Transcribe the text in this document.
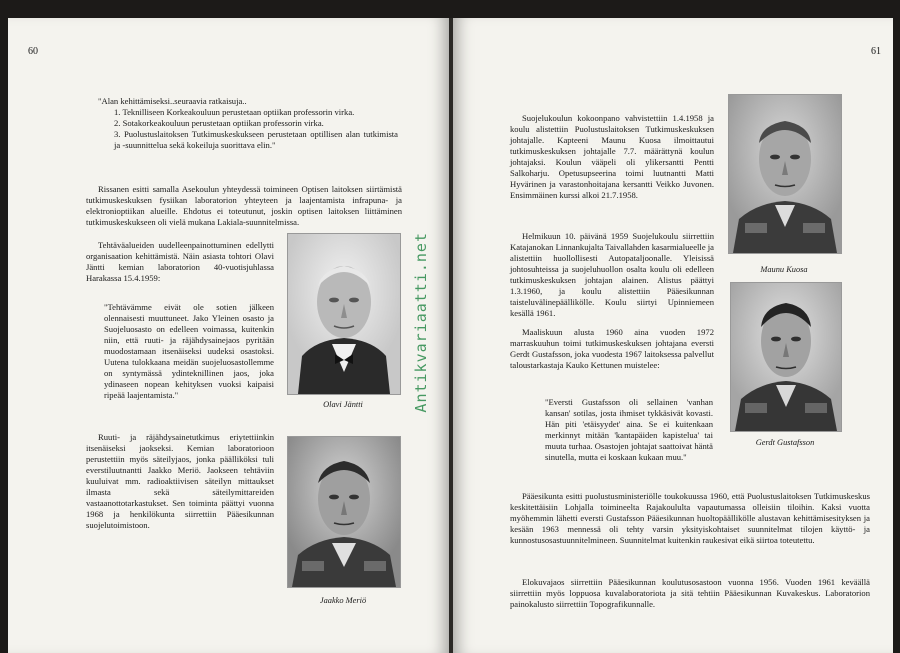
60
"Alan kehittämiseksi..seuraavia ratkaisuja..
1. Teknilliseen Korkeakouluun perustetaan optiikan professorin virka.
2. Sotakorkeakouluun perustetaan optiikan professorin virka.
3. Puolustuslaitoksen Tutkimuskeskukseen perustetaan optillisen alan tutkimista ja -suunnittelua sekä kokeiluja suorittava elin."

Rissanen esitti samalla Asekoulun yhteydessä toimineen Optisen laitoksen siirtämistä tutkimuskeskuksen fysiikan laboratorion yhteyteen ja laajentamista infrapuna- ja elektronioptiikan alueille. Ehdotus ei toteutunut, joskin optisen laitoksen liittäminen tutkimuskeskukseen oli vielä mukana Lakiala-suunnitelmissa.

Tehtäväalueiden uudelleenpainottuminen edellytti organisaation kehittämistä. Näin asiasta tohtori Olavi Jäntti kemian laboratorion 40-vuotisjuhlassa Harakassa 15.4.1959:

"Tehtävämme eivät ole sotien jälkeen olennaisesti muuttuneet. Jako Yleinen osasto ja Suojeluosasto on edelleen voimassa, kuitenkin niin, että ruuti- ja räjähdysainejaos pyritään muodostamaan itsenäiseksi uudeksi osastoksi. Uutena tulokkaana meidän suojeluosastollemme on syntymässä ydinteknillinen jaos, joka ydinaseen nopean kehityksen vuoksi kaipaisi ripeää laajentamista."

Ruuti- ja räjähdysainetutkimus eriytettiinkin itsenäiseksi jaokseksi. Kemian laboratorioon perustettiin myös säteilyjaos, jonka päälliköksi tuli everstiluutnantti Jaakko Meriö. Jaokseen tehtäviin kuuluivat mm. radioaktiivisen säteilyn mittaukset ilmasta sekä säteilymittareiden vastaanottotarkastukset. Sen toiminta päättyi vuonna 1968 ja henkilökunta siirrettiin Pääesikunnan suojelutoimistoon.

Olavi Jäntti
Jaakko Meriö
Antikvariaatti.net
61

Suojelukoulun kokoonpano vahvistettiin 1.4.1958 ja koulu alistettiin Puolustuslaitoksen Tutkimuskeskuksen johtajalle. Kapteeni Maunu Kuosa ilmoittautui tutkimuskeskuksen johtajalle 7.7. määrättynä koulun johtajaksi. Koulun vääpeli oli ylikersantti Pentti Salkoharju. Opetusupseerina toimi luutnantti Matti Hyvärinen ja varastonhoitajana kersantti Veikko Juvonen. Ensimmäinen kurssi alkoi 21.7.1958.

Helmikuun 10. päivänä 1959 Suojelukoulu siirrettiin Katajanokan Linnankujalta Taivallahden kasarmialueelle ja alistettiin huollollisesti Autopataljoonalle. Yleisissä johtosuhteissa ja suojeluhuollon osalta koulu oli edelleen tutkimuskeskuksen johtajan alainen. Alistus päättyi 1.3.1960, ja koulu alistettiin Pääesikunnan taisteluvälinepäällikölle. Koulu siirtyi Upinniemeen kesällä 1961.

Maaliskuun alusta 1960 aina vuoden 1972 marraskuuhun toimi tutkimuskeskuksen johtajana eversti Gerdt Gustafsson, joka vuodesta 1967 laitoksessa palvellut taloustarkastaja Kauko Kettunen muistelee:

"Eversti Gustafsson oli sellainen 'vanhan kansan' sotilas, josta ihmiset tykkäsivät kovasti. Hän piti 'etäisyydet' aina. Se ei kuitenkaan merkinnyt mitään 'kantapäiden kapistelua' tai muuta turhaa. Osastojen johtajat saattoivat häntä sinutella, mutta ei koskaan kukaan muu."

Pääesikunta esitti puolustusministeriölle toukokuussa 1960, että Puolustuslaitoksen Tutkimuskeskus keskitettäisiin Lohjalla toimineelta Rajakoululta vapautumassa olleisiin tiloihin. Kaksi vuotta myöhemmin lähetti eversti Gustafsson Pääesikunnan huoltopäällikölle alustavan kehittämisesityksen ja kesään 1963 mennessä oli tehty varsin yksityiskohtaiset suunnitelmat tilojen käyttö- ja kunnostusosastuunnitelmineen. Suunnitelmat kuitenkin raukesivat eikä siirtoa toteutettu.

Elokuvajaos siirrettiin Pääesikunnan koulutusosastoon vuonna 1956. Vuoden 1961 keväällä siirrettiin myös loppuosa kuvalaboratoriota ja sitä tehtiin Pääesikunnan Kuvakeskus. Laboratorion painokalusto siirrettiin Topografikunnalle.

Maunu Kuosa
Gerdt Gustafsson
